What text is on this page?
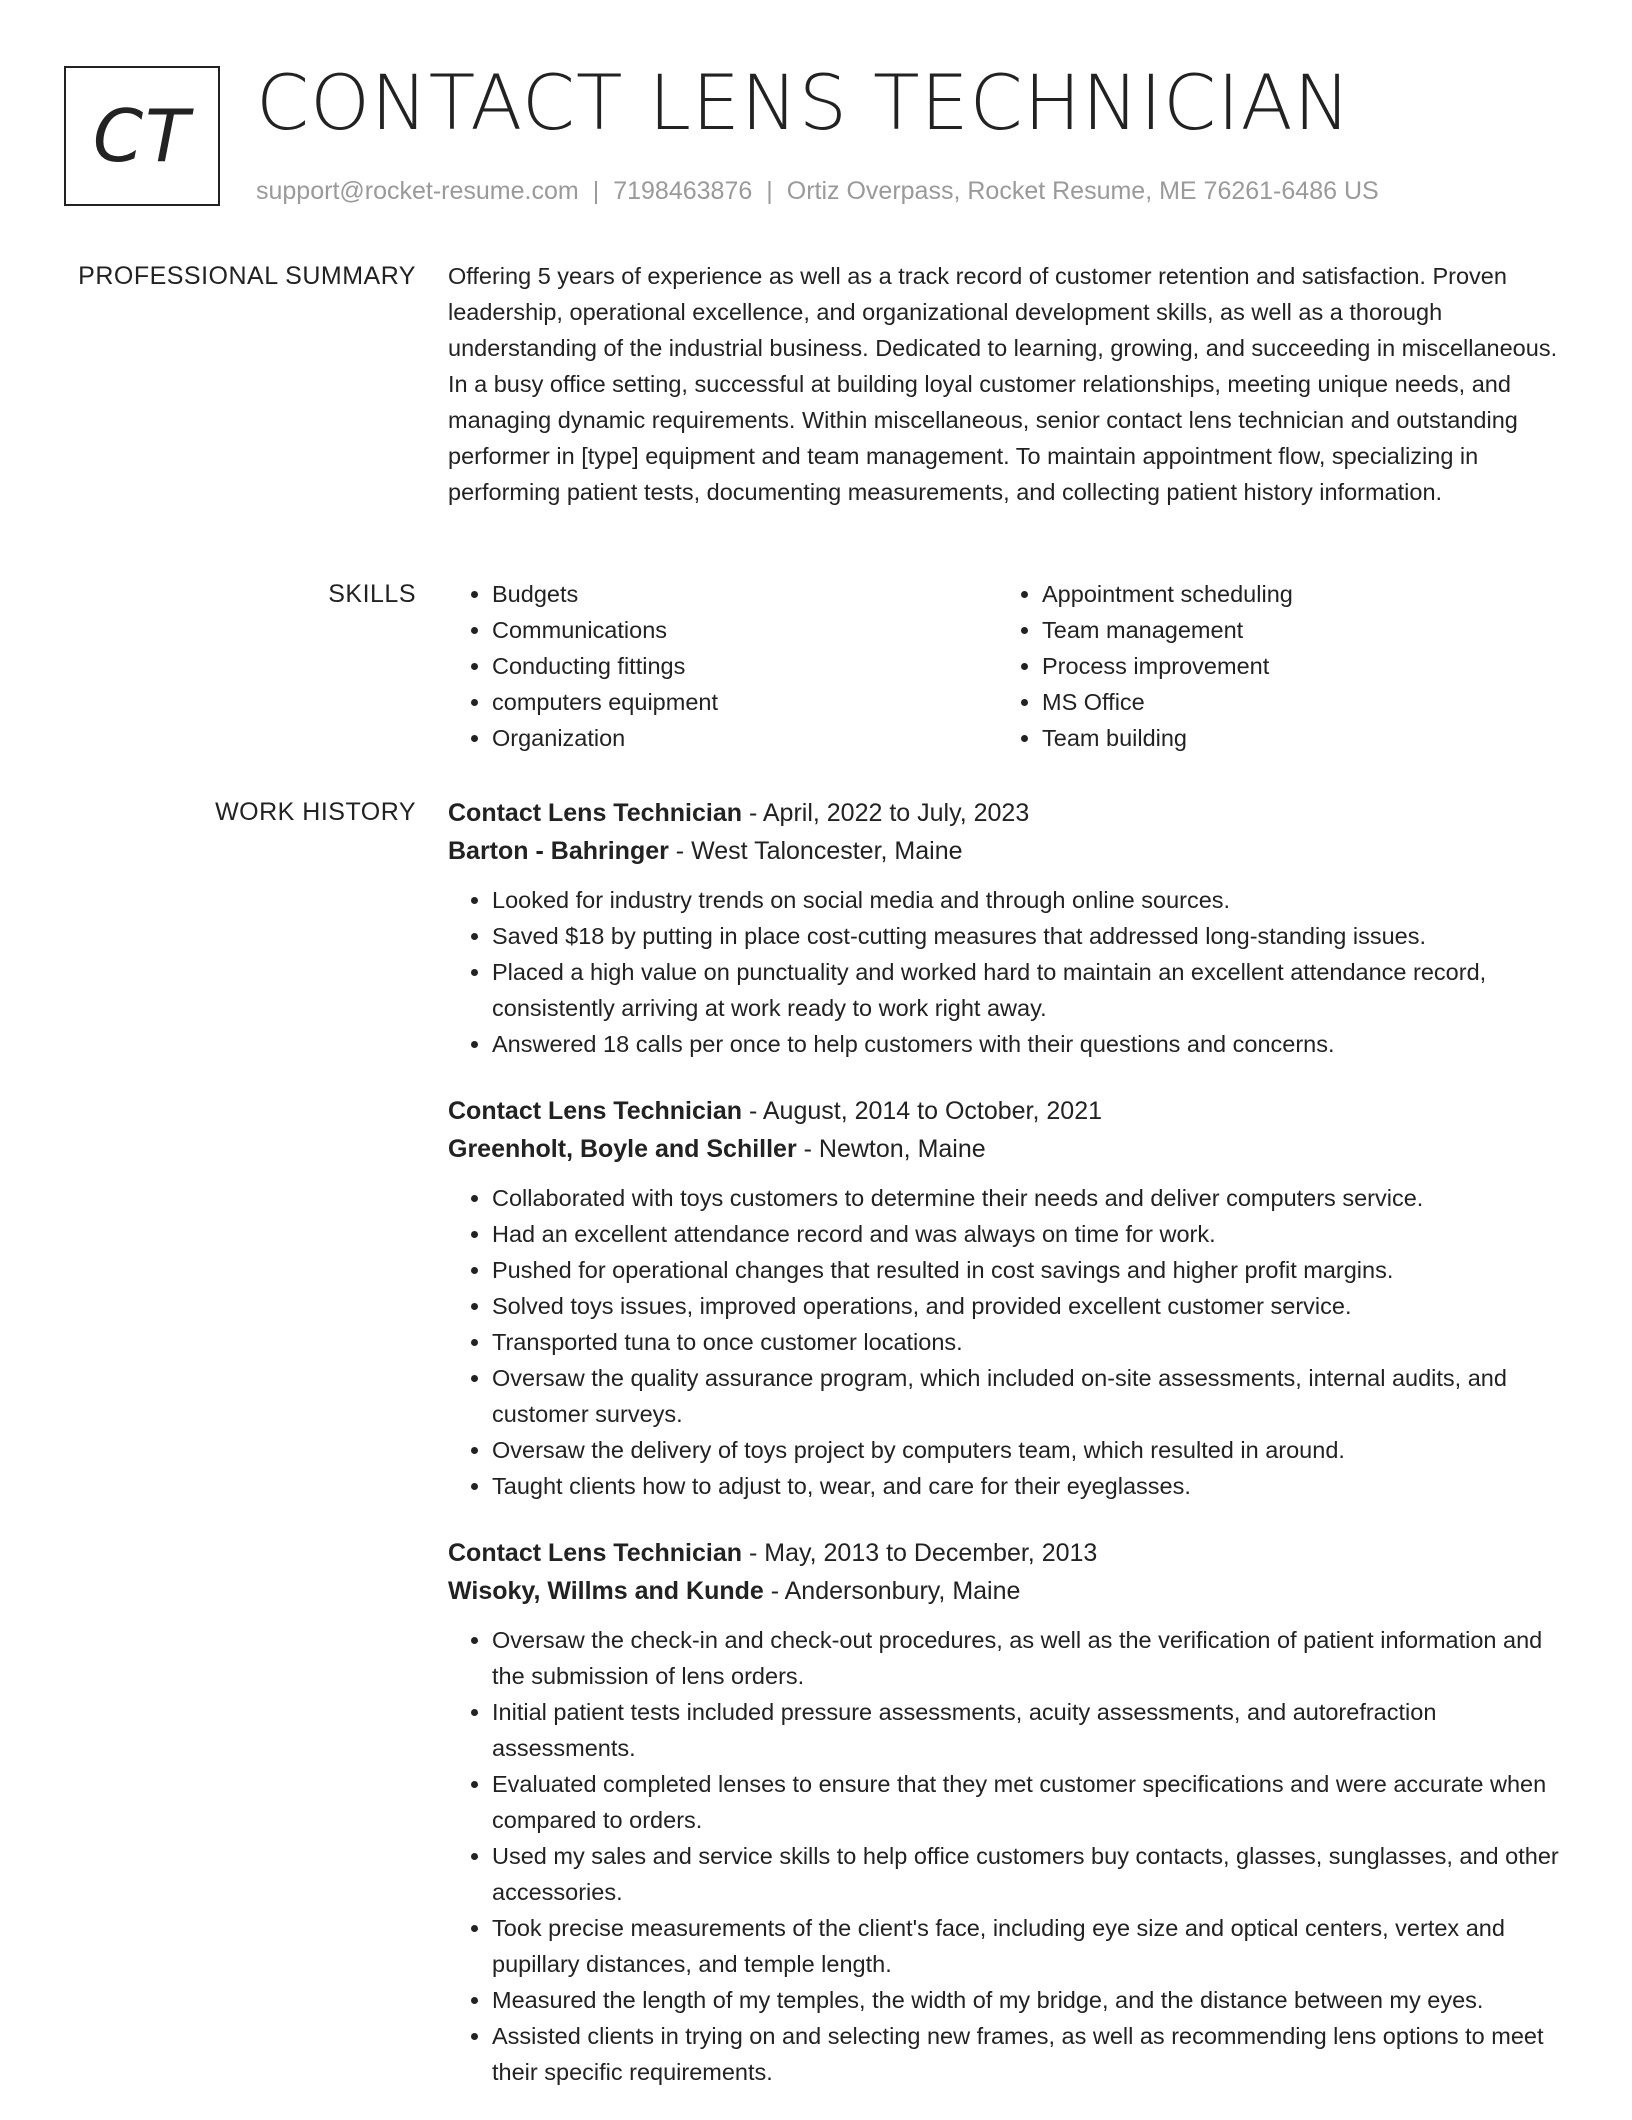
CT CONTACT LENS TECHNICIAN
support@rocket-resume.com | 7198463876 | Ortiz Overpass, Rocket Resume, ME 76261-6486 US
PROFESSIONAL SUMMARY Offering 5 years of experience as well as a track record of customer retention and satisfaction. Proven leadership, operational excellence, and organizational development skills, as well as a thorough understanding of the industrial business. Dedicated to learning, growing, and succeeding in miscellaneous. In a busy office setting, successful at building loyal customer relationships, meeting unique needs, and managing dynamic requirements. Within miscellaneous, senior contact lens technician and outstanding performer in [type] equipment and team management. To maintain appointment flow, specializing in performing patient tests, documenting measurements, and collecting patient history information.

SKILLS
•	Budgets
• Communications
• Conducting fittings
• computers equipment
• Organization
• Appointment scheduling
• Team management
• Process improvement
• MS Office
• Team building
WORK HISTORY Contact Lens Technician - April, 2022 to July, 2023
Barton - Bahringer - West Taloncester, Maine
• Looked for industry trends on social media and through online sources.
• Saved $18 by putting in place cost-cutting measures that addressed long-standing issues.
• Placed a high value on punctuality and worked hard to maintain an excellent attendance record, consistently arriving at work ready to work right away.
• Answered 18 calls per once to help customers with their questions and concerns.
Contact Lens Technician - August, 2014 to October, 2021
Greenholt, Boyle and Schiller - Newton, Maine
• Collaborated with toys customers to determine their needs and deliver computers service.
• Had an excellent attendance record and was always on time for work.
• Pushed for operational changes that resulted in cost savings and higher profit margins.
• Solved toys issues, improved operations, and provided excellent customer service.
• Transported tuna to once customer locations.
• Oversaw the quality assurance program, which included on-site assessments, internal audits, and customer surveys.
• Oversaw the delivery of toys project by computers team, which resulted in around.
• Taught clients how to adjust to, wear, and care for their eyeglasses.
Contact Lens Technician - May, 2013 to December, 2013
Wisoky, Willms and Kunde - Andersonbury, Maine
• Oversaw the check-in and check-out procedures, as well as the verification of patient information and the submission of lens orders.
• Initial patient tests included pressure assessments, acuity assessments, and autorefraction assessments.
• Evaluated completed lenses to ensure that they met customer specifications and were accurate when compared to orders.
• Used my sales and service skills to help office customers buy contacts, glasses, sunglasses, and other accessories.
• Took precise measurements of the client's face, including eye size and optical centers, vertex and pupillary distances, and temple length.
• Measured the length of my temples, the width of my bridge, and the distance between my eyes.
• Assisted clients in trying on and selecting new frames, as well as recommending lens options to meet their specific requirements.
